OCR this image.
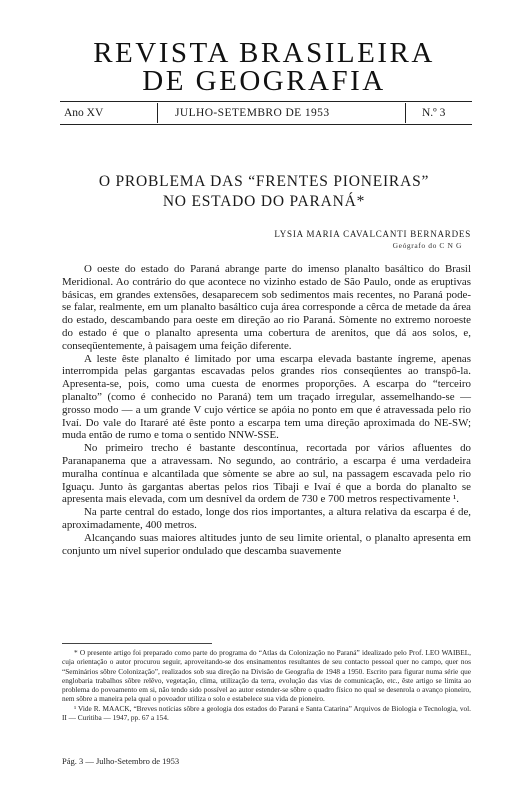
REVISTA BRASILEIRA
DE GEOGRAFIA
Ano XV	JULHO-SETEMBRO DE 1953	N.º 3
O PROBLEMA DAS “FRENTES PIONEIRAS”
NO ESTADO DO PARANÁ*
LYSIA MARIA CAVALCANTI BERNARDES
Geógrafo do C N G

O oeste do estado do Paraná abrange parte do imenso planalto basáltico do Brasil Meridional. Ao contrário do que acontece no vizinho estado de São Paulo, onde as eruptivas básicas, em grandes extensões, desaparecem sob sedimentos mais recentes, no Paraná pode-se falar, realmente, em um planalto basáltico cuja área corresponde a cêrca de metade da área do estado, descambando para oeste em direção ao rio Paraná. Sòmente no extremo noroeste do estado é que o planalto apresenta uma cobertura de arenitos, que dá aos solos, e, conseqüentemente, à paisagem uma feição diferente.

A leste êste planalto é limitado por uma escarpa elevada bastante íngreme, apenas interrompida pelas gargantas escavadas pelos grandes rios conseqüentes ao transpô-la. Apresenta-se, pois, como uma cuesta de enormes proporções. A escarpa do “terceiro planalto” (como é conhecido no Paraná) tem um traçado irregular, assemelhando-se — grosso modo — a um grande V cujo vértice se apóia no ponto em que é atravessada pelo rio Ivaí. Do vale do Itararé até êste ponto a escarpa tem uma direção aproximada do NE-SW; muda então de rumo e toma o sentido NNW-SSE.

No primeiro trecho é bastante descontínua, recortada por vários afluentes do Paranapanema que a atravessam. No segundo, ao contrário, a escarpa é uma verdadeira muralha contínua e alcantilada que sòmente se abre ao sul, na passagem escavada pelo rio Iguaçu. Junto às gargantas abertas pelos rios Tibaji e Ivaí é que a borda do planalto se apresenta mais elevada, com um desnível da ordem de 730 e 700 metros respectivamente ¹.

Na parte central do estado, longe dos rios importantes, a altura relativa da escarpa é de, aproximadamente, 400 metros.

Alcançando suas maiores altitudes junto de seu limite oriental, o planalto apresenta em conjunto um nível superior ondulado que descamba suavemente

* O presente artigo foi preparado como parte do programa do “Atlas da Colonização no Paraná” idealizado pelo Prof. LEO WAIBEL, cuja orientação o autor procurou seguir, aproveitando-se dos ensinamentos resultantes de seu contacto pessoal quer no campo, quer nos “Seminários sôbre Colonização”, realizados sob sua direção na Divisão de Geografia de 1948 a 1950. Escrito para figurar numa série que englobaria trabalhos sôbre relêvo, vegetação, clima, utilização da terra, evolução das vias de comunicação, etc., êste artigo se limita ao problema do povoamento em si, não tendo sido possível ao autor estender-se sôbre o quadro físico no qual se desenrola o avanço pioneiro, nem sôbre a maneira pela qual o povoador utiliza o solo e estabelece sua vida de pioneiro.

¹ Vide R. MAACK, “Breves notícias sôbre a geologia dos estados do Paraná e Santa Catarina” Arquivos de Biologia e Tecnologia, vol. II — Curitiba — 1947, pp. 67 a 154.

Pág. 3 — Julho-Setembro de 1953
